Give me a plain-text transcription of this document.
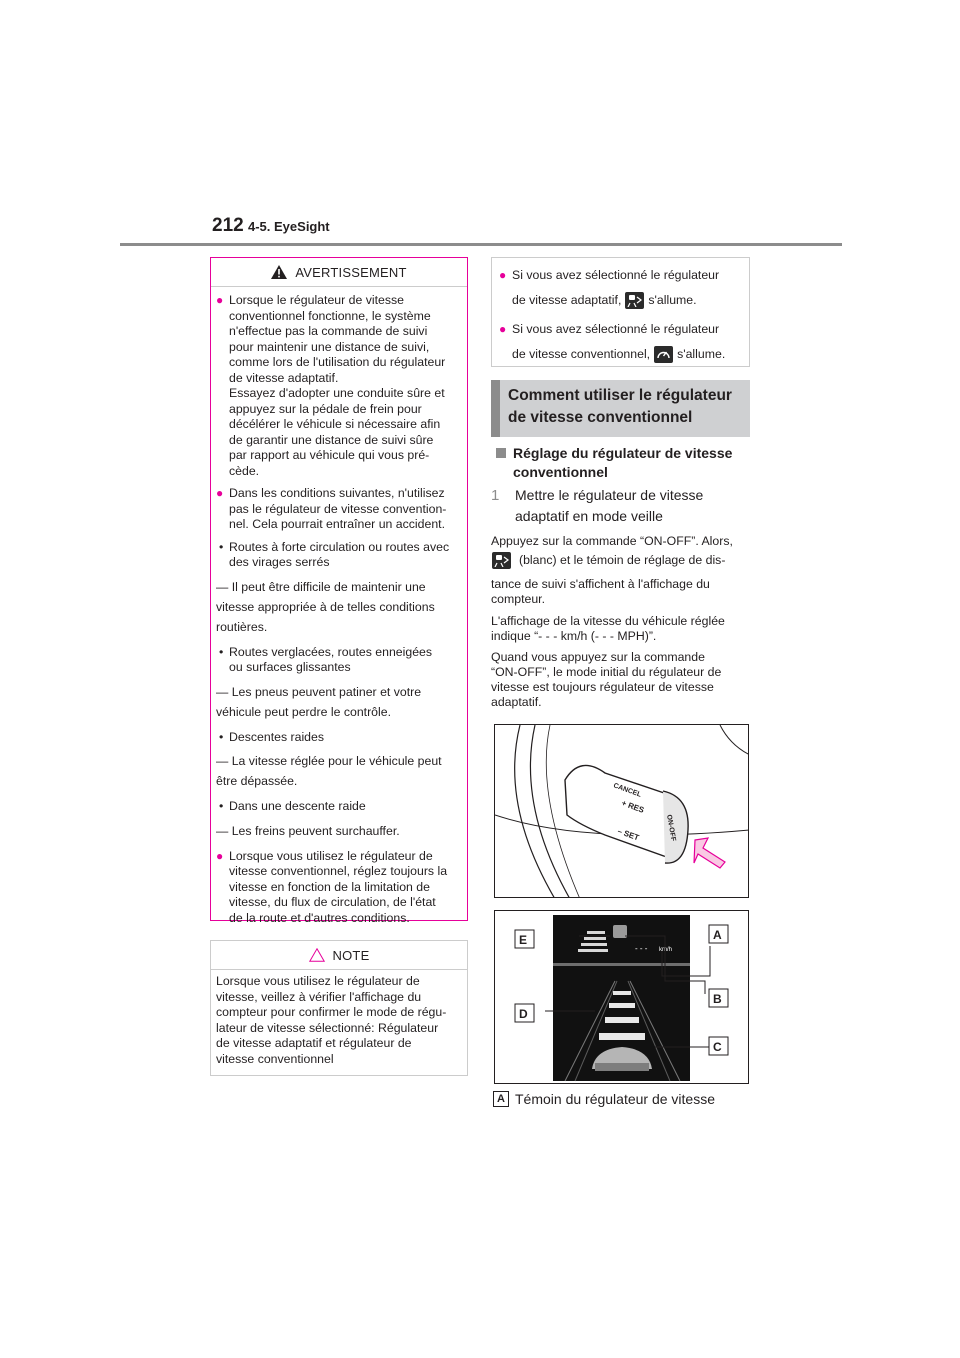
212 4-5. EyeSight
AVERTISSEMENT
● Lorsque le régulateur de vitesse
conventionnel fonctionne, le système
n'effectue pas la commande de suivi
pour maintenir une distance de suivi,
comme lors de l'utilisation du régulateur
de vitesse adaptatif.
Essayez d'adopter une conduite sûre et
appuyez sur la pédale de frein pour
décélérer le véhicule si nécessaire afin
de garantir une distance de suivi sûre
par rapport au véhicule qui vous pré-
cède.
● Dans les conditions suivantes, n'utilisez
pas le régulateur de vitesse convention-
nel. Cela pourrait entraîner un accident.
• Routes à forte circulation ou routes avec
des virages serrés
— Il peut être difficile de maintenir une
vitesse appropriée à de telles conditions
routières.
• Routes verglacées, routes enneigées
ou surfaces glissantes
— Les pneus peuvent patiner et votre
véhicule peut perdre le contrôle.
• Descentes raides
— La vitesse réglée pour le véhicule peut
être dépassée.
• Dans une descente raide
— Les freins peuvent surchauffer.
● Lorsque vous utilisez le régulateur de
vitesse conventionnel, réglez toujours la
vitesse en fonction de la limitation de
vitesse, du flux de circulation, de l'état
de la route et d'autres conditions.
NOTE
Lorsque vous utilisez le régulateur de
vitesse, veillez à vérifier l'affichage du
compteur pour confirmer le mode de régu-
lateur de vitesse sélectionné: Régulateur
de vitesse adaptatif et régulateur de
vitesse conventionnel
● Si vous avez sélectionné le régulateur
de vitesse adaptatif, s'allume.
● Si vous avez sélectionné le régulateur
de vitesse conventionnel, s'allume.
Comment utiliser le régulateur
de vitesse conventionnel
Réglage du régulateur de vitesse
conventionnel
1	Mettre le régulateur de vitesse
adaptatif en mode veille
Appuyez sur la commande “ON-OFF”. Alors,
(blanc) et le témoin de réglage de dis-
tance de suivi s'affichent à l'affichage du
compteur.
L'affichage de la vitesse du véhicule réglée
indique “- - - km/h (- - - MPH)”.
Quand vous appuyez sur la commande
“ON-OFF”, le mode initial du régulateur de
vitesse est toujours régulateur de vitesse
adaptatif.
CANCEL
+ RES
– SET	ON-OFF
- - - km/h
A
B
C
D
E
A Témoin du régulateur de vitesse
